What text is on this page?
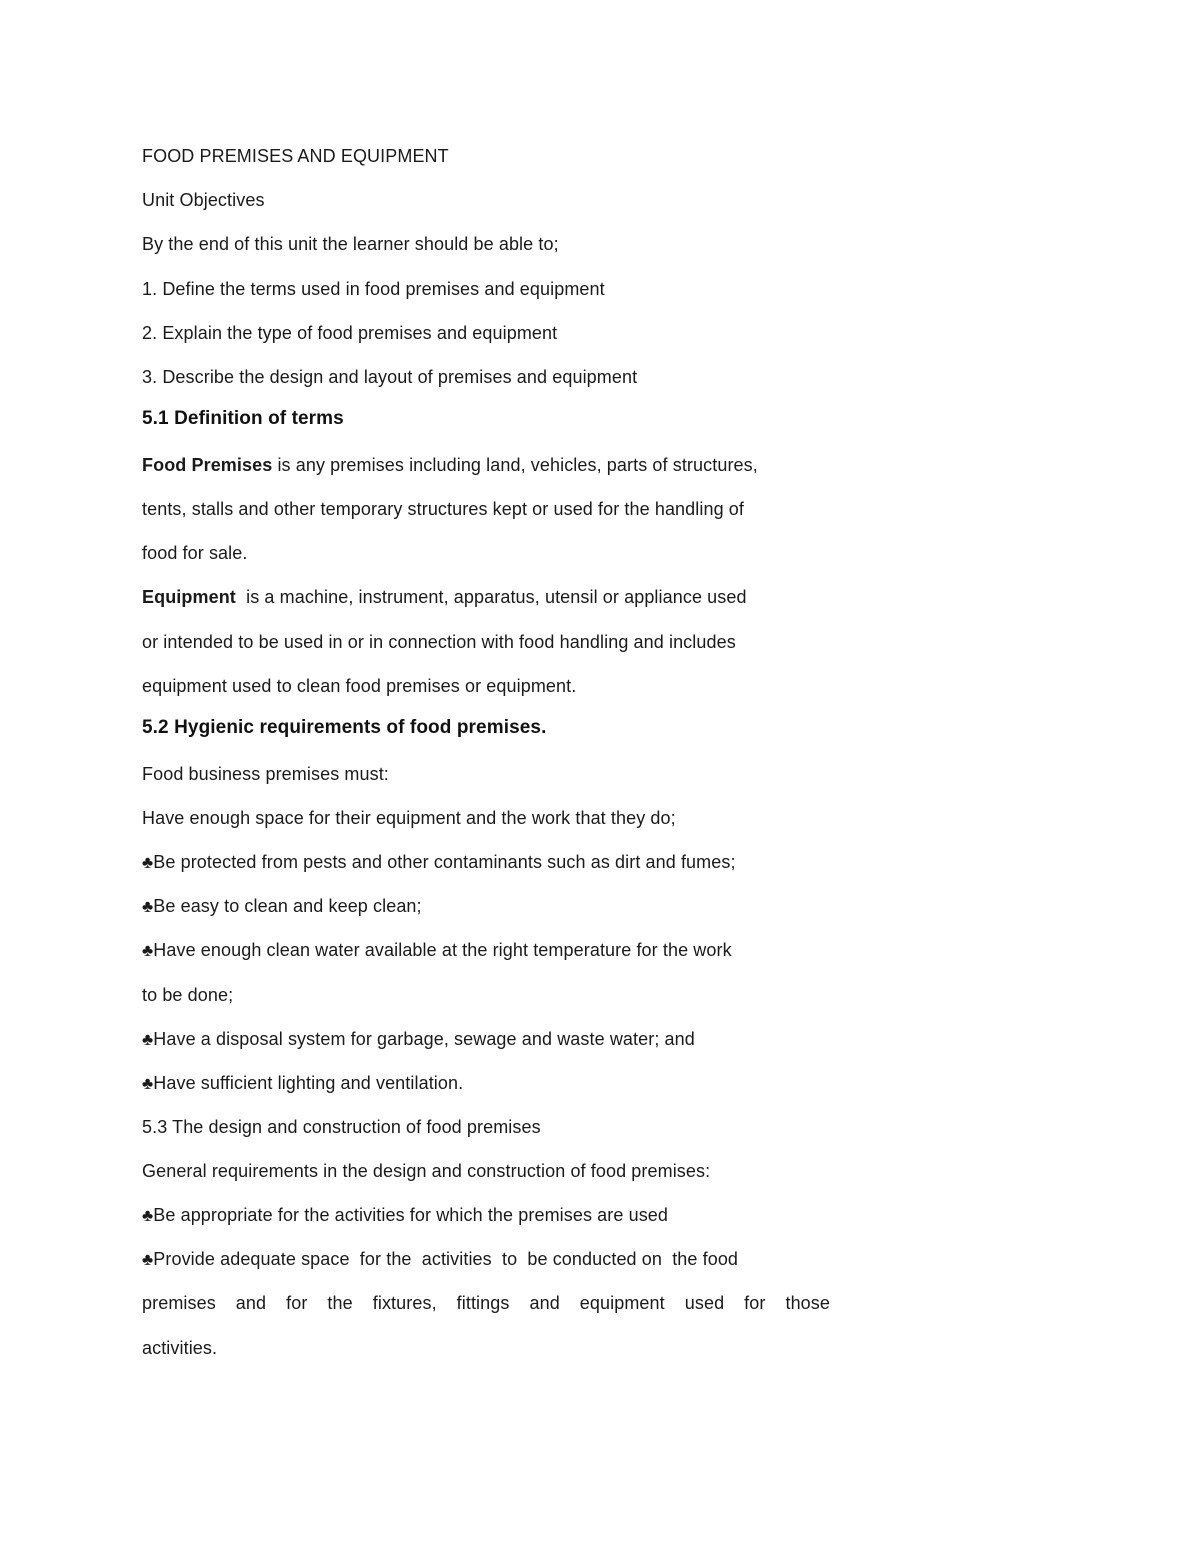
FOOD PREMISES AND EQUIPMENT
Unit Objectives
By the end of this unit the learner should be able to;
1. Define the terms used in food premises and equipment
2. Explain the type of food premises and equipment
3. Describe the design and layout of premises and equipment
5.1 Definition of terms
Food Premises is any premises including land, vehicles, parts of structures,
tents, stalls and other temporary structures kept or used for the handling of
food for sale.
Equipment  is a machine, instrument, apparatus, utensil or appliance used
or intended to be used in or in connection with food handling and includes
equipment used to clean food premises or equipment.
5.2 Hygienic requirements of food premises.
Food business premises must:
Have enough space for their equipment and the work that they do;
♣Be protected from pests and other contaminants such as dirt and fumes;
♣Be easy to clean and keep clean;
♣Have enough clean water available at the right temperature for the work
to be done;
♣Have a disposal system for garbage, sewage and waste water; and
♣Have sufficient lighting and ventilation.
5.3 The design and construction of food premises
General requirements in the design and construction of food premises:
♣Be appropriate for the activities for which the premises are used
♣Provide adequate space  for the  activities  to  be conducted on  the food
premises and for the fixtures, fittings and equipment used for those
activities.
